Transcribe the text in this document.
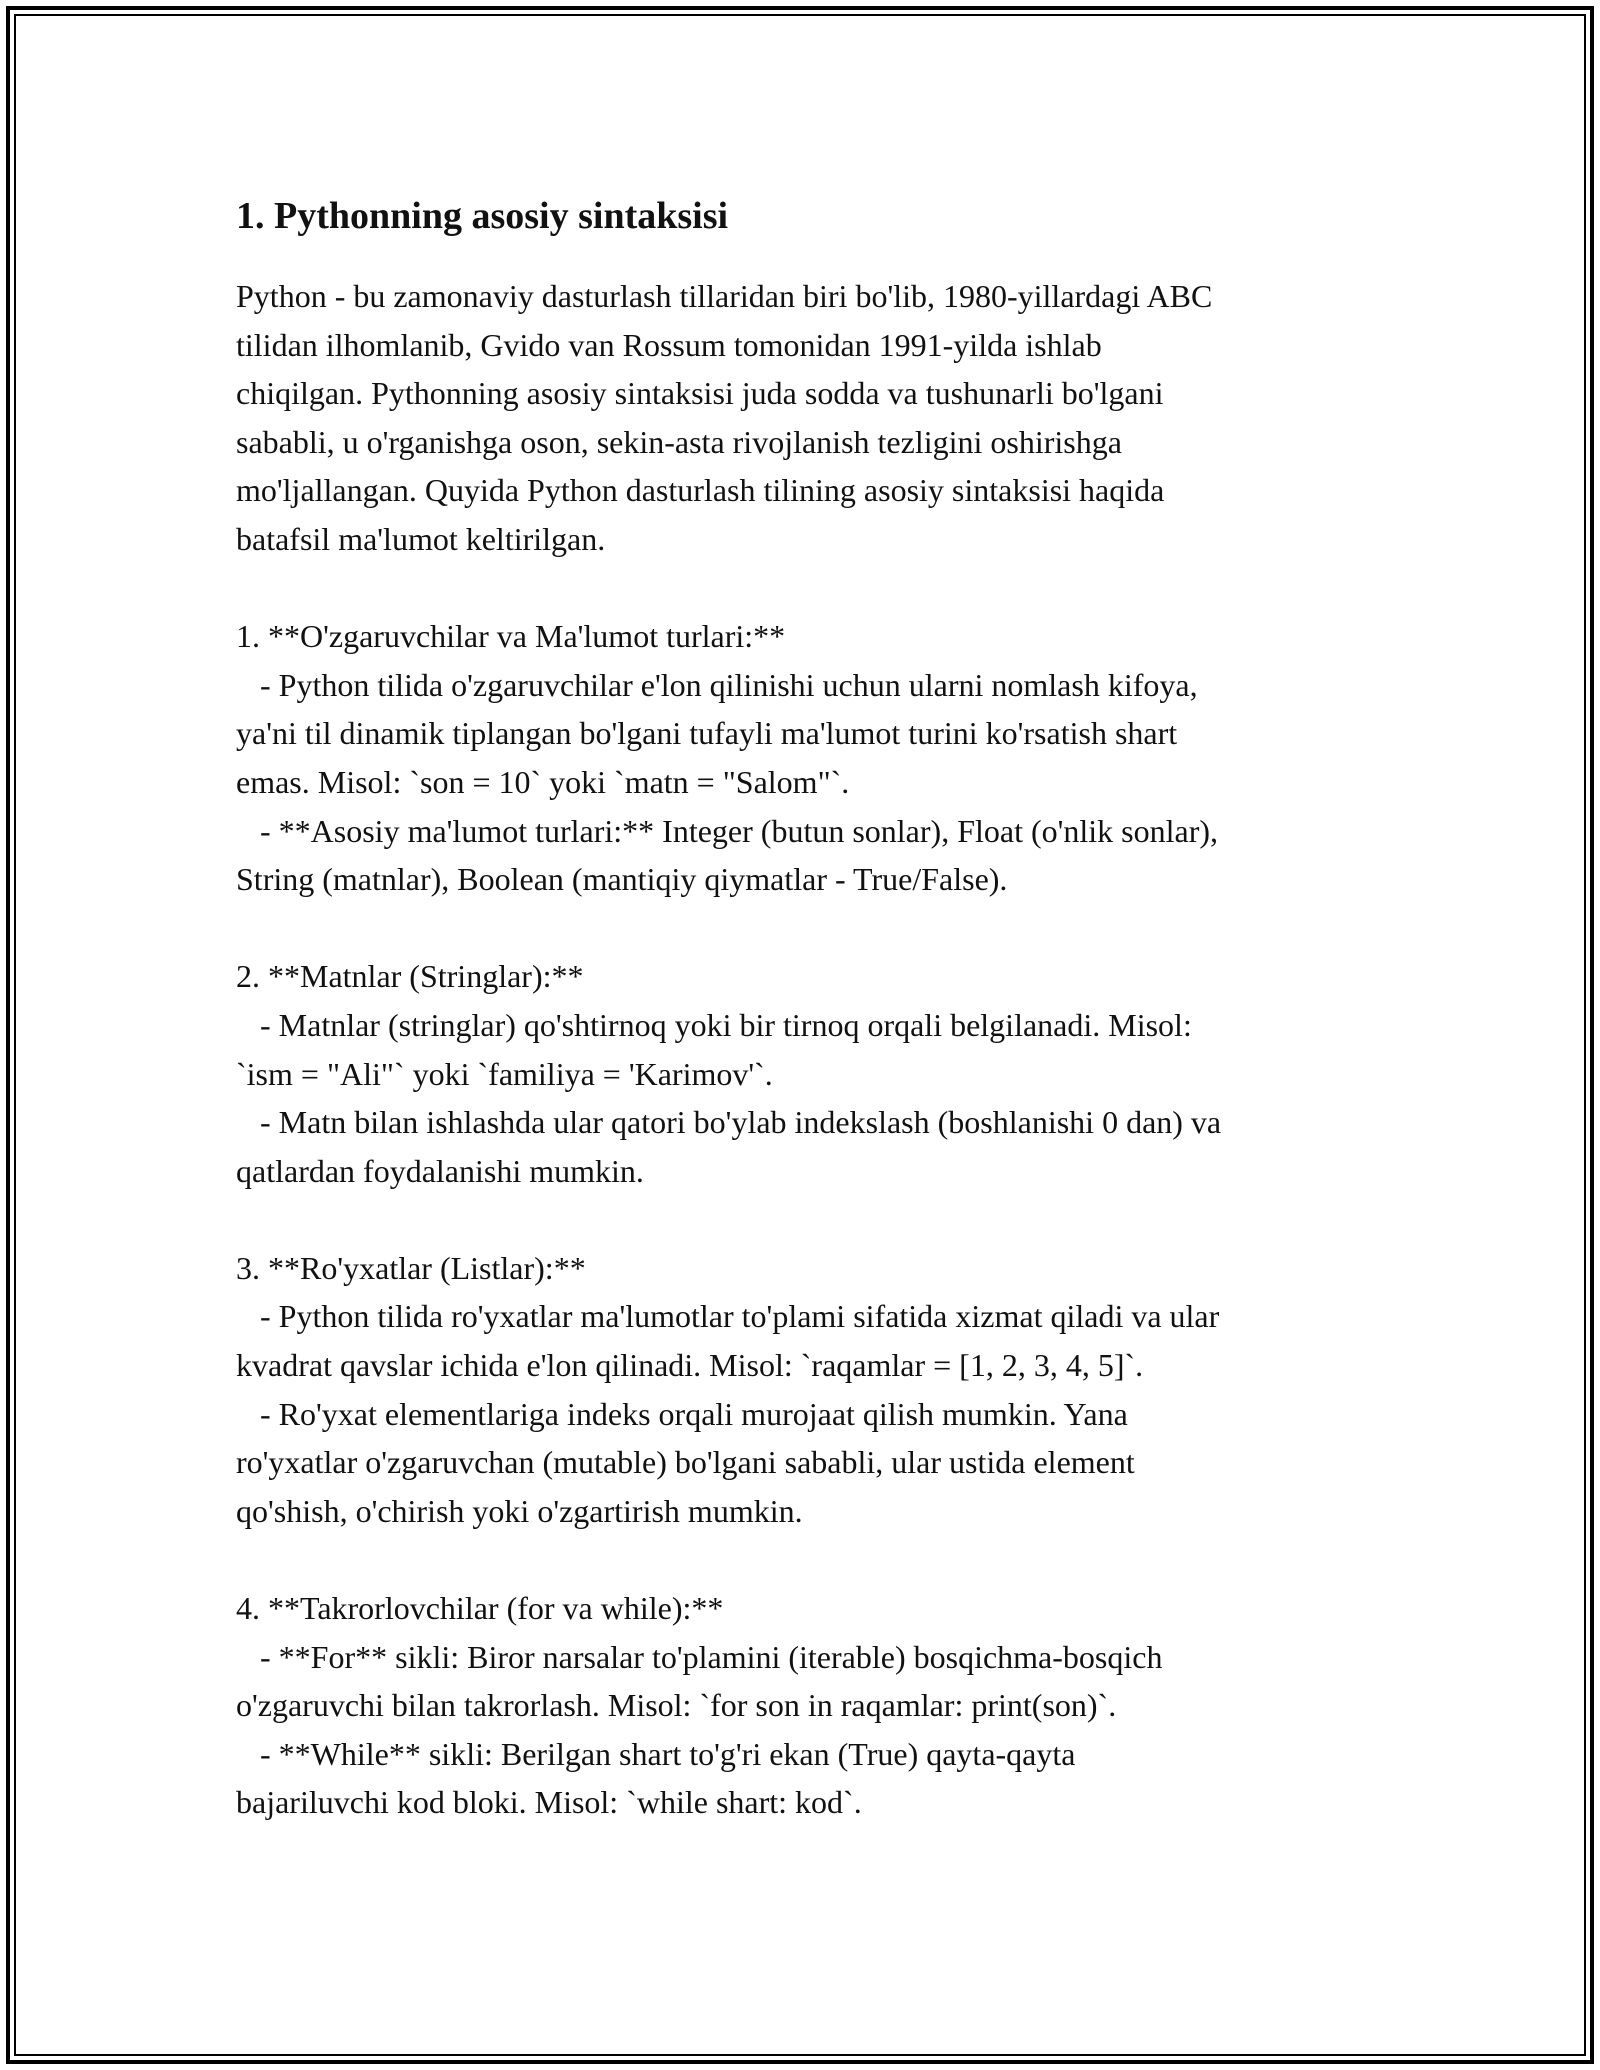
1. Pythonning asosiy sintaksisi

Python - bu zamonaviy dasturlash tillaridan biri bo'lib, 1980-yillardagi ABC

tilidan ilhomlanib, Gvido van Rossum tomonidan 1991-yilda ishlab

chiqilgan. Pythonning asosiy sintaksisi juda sodda va tushunarli bo'lgani

sababli, u o'rganishga oson, sekin-asta rivojlanish tezligini oshirishga

mo'ljallangan. Quyida Python dasturlash tilining asosiy sintaksisi haqida

batafsil ma'lumot keltirilgan.

1. **O'zgaruvchilar va Ma'lumot turlari:**

- Python tilida o'zgaruvchilar e'lon qilinishi uchun ularni nomlash kifoya,

ya'ni til dinamik tiplangan bo'lgani tufayli ma'lumot turini ko'rsatish shart

emas. Misol: `son = 10` yoki `matn = "Salom"`.

- **Asosiy ma'lumot turlari:** Integer (butun sonlar), Float (o'nlik sonlar),

String (matnlar), Boolean (mantiqiy qiymatlar - True/False).

2. **Matnlar (Stringlar):**

- Matnlar (stringlar) qo'shtirnoq yoki bir tirnoq orqali belgilanadi. Misol:

`ism = "Ali"` yoki `familiya = 'Karimov'`.

- Matn bilan ishlashda ular qatori bo'ylab indekslash (boshlanishi 0 dan) va

qatlardan foydalanishi mumkin.

3. **Ro'yxatlar (Listlar):**

- Python tilida ro'yxatlar ma'lumotlar to'plami sifatida xizmat qiladi va ular

kvadrat qavslar ichida e'lon qilinadi. Misol: `raqamlar = [1, 2, 3, 4, 5]`.

- Ro'yxat elementlariga indeks orqali murojaat qilish mumkin. Yana

ro'yxatlar o'zgaruvchan (mutable) bo'lgani sababli, ular ustida element

qo'shish, o'chirish yoki o'zgartirish mumkin.

4. **Takrorlovchilar (for va while):**

- **For** sikli: Biror narsalar to'plamini (iterable) bosqichma-bosqich

o'zgaruvchi bilan takrorlash. Misol: `for son in raqamlar: print(son)`.

- **While** sikli: Berilgan shart to'g'ri ekan (True) qayta-qayta

bajariluvchi kod bloki. Misol: `while shart: kod`.
